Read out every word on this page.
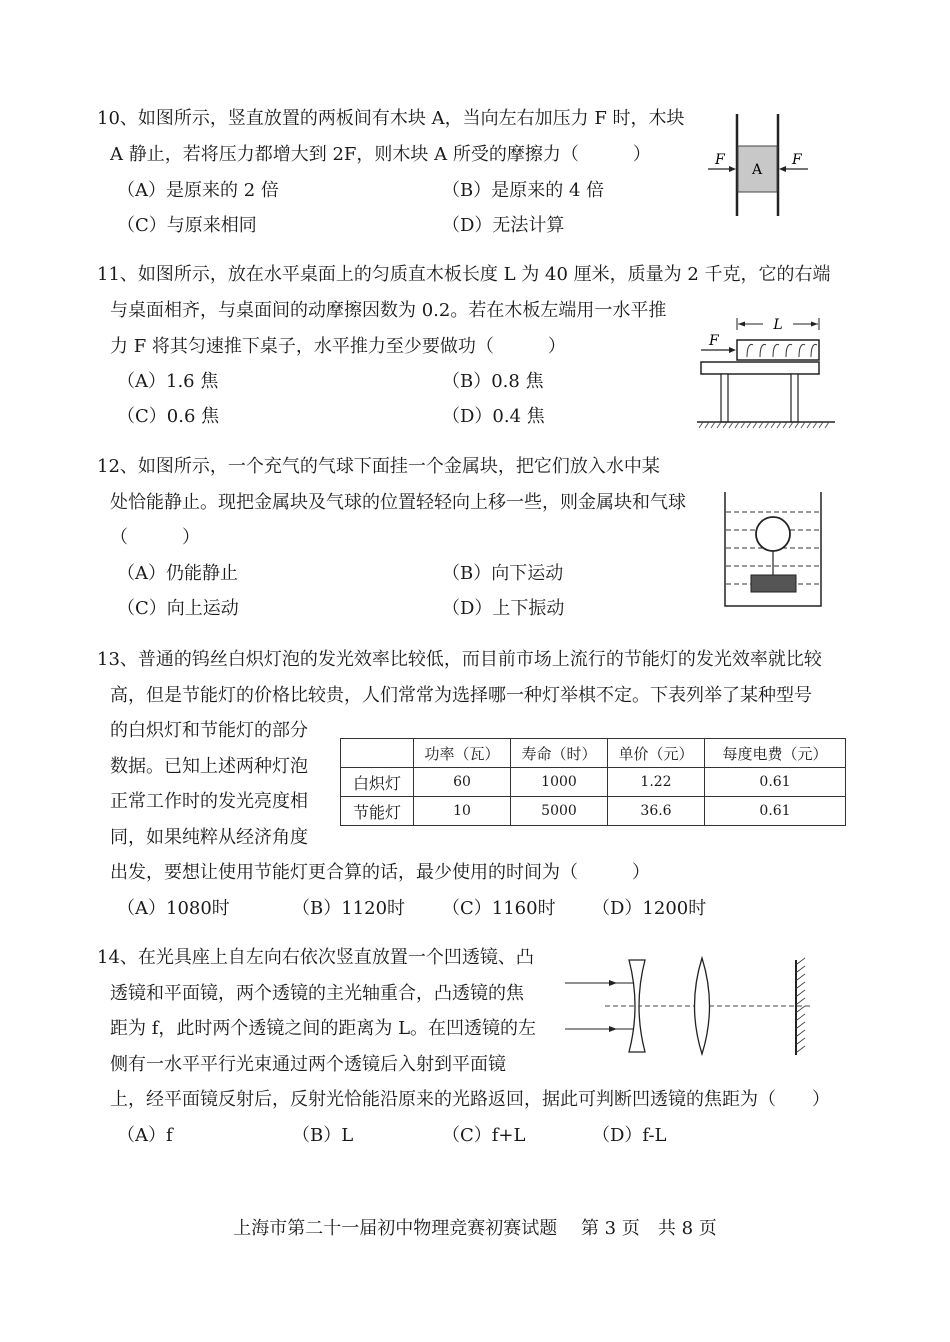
10、如图所示，竖直放置的两板间有木块 A，当向左右加压力 F 时，木块
A 静止，若将压力都增大到 2F，则木块 A 所受的摩擦力（　　　）
（A）是原来的 2 倍	（B）是原来的 4 倍
（C）与原来相同	（D）无法计算
A
F	F
11、如图所示，放在水平桌面上的匀质直木板长度 L 为 40 厘米，质量为 2 千克，它的右端
与桌面相齐，与桌面间的动摩擦因数为 0.2。若在木板左端用一水平推
力 F 将其匀速推下桌子，水平推力至少要做功（　　　）
（A）1.6 焦	（B）0.8 焦
（C）0.6 焦	（D）0.4 焦
L
F
12、如图所示，一个充气的气球下面挂一个金属块，把它们放入水中某
处恰能静止。现把金属块及气球的位置轻轻向上移一些，则金属块和气球
（　　　）
（A）仍能静止	（B）向下运动
（C）向上运动	（D）上下振动
13、普通的钨丝白炽灯泡的发光效率比较低，而目前市场上流行的节能灯的发光效率就比较
高，但是节能灯的价格比较贵，人们常常为选择哪一种灯举棋不定。下表列举了某种型号
的白炽灯和节能灯的部分
数据。已知上述两种灯泡
正常工作时的发光亮度相
同，如果纯粹从经济角度
出发，要想让使用节能灯更合算的话，最少使用的时间为（　　　）
	功率（瓦）	寿命（时）	单价（元）	每度电费（元）
白炽灯	60	1000	1.22	0.61
节能灯	10	5000	36.6	0.61
（A）1080时	（B）1120时 （C）1160时 （D）1200时
14、在光具座上自左向右依次竖直放置一个凹透镜、凸
透镜和平面镜，两个透镜的主光轴重合，凸透镜的焦
距为 f，此时两个透镜之间的距离为 L。在凹透镜的左
侧有一水平平行光束通过两个透镜后入射到平面镜
上，经平面镜反射后，反射光恰能沿原来的光路返回，据此可判断凹透镜的焦距为（　　）
（A）f	（B）L	（C）f+L	（D）f-L
上海市第二十一届初中物理竞赛初赛试题　 第 3 页　共 8 页
